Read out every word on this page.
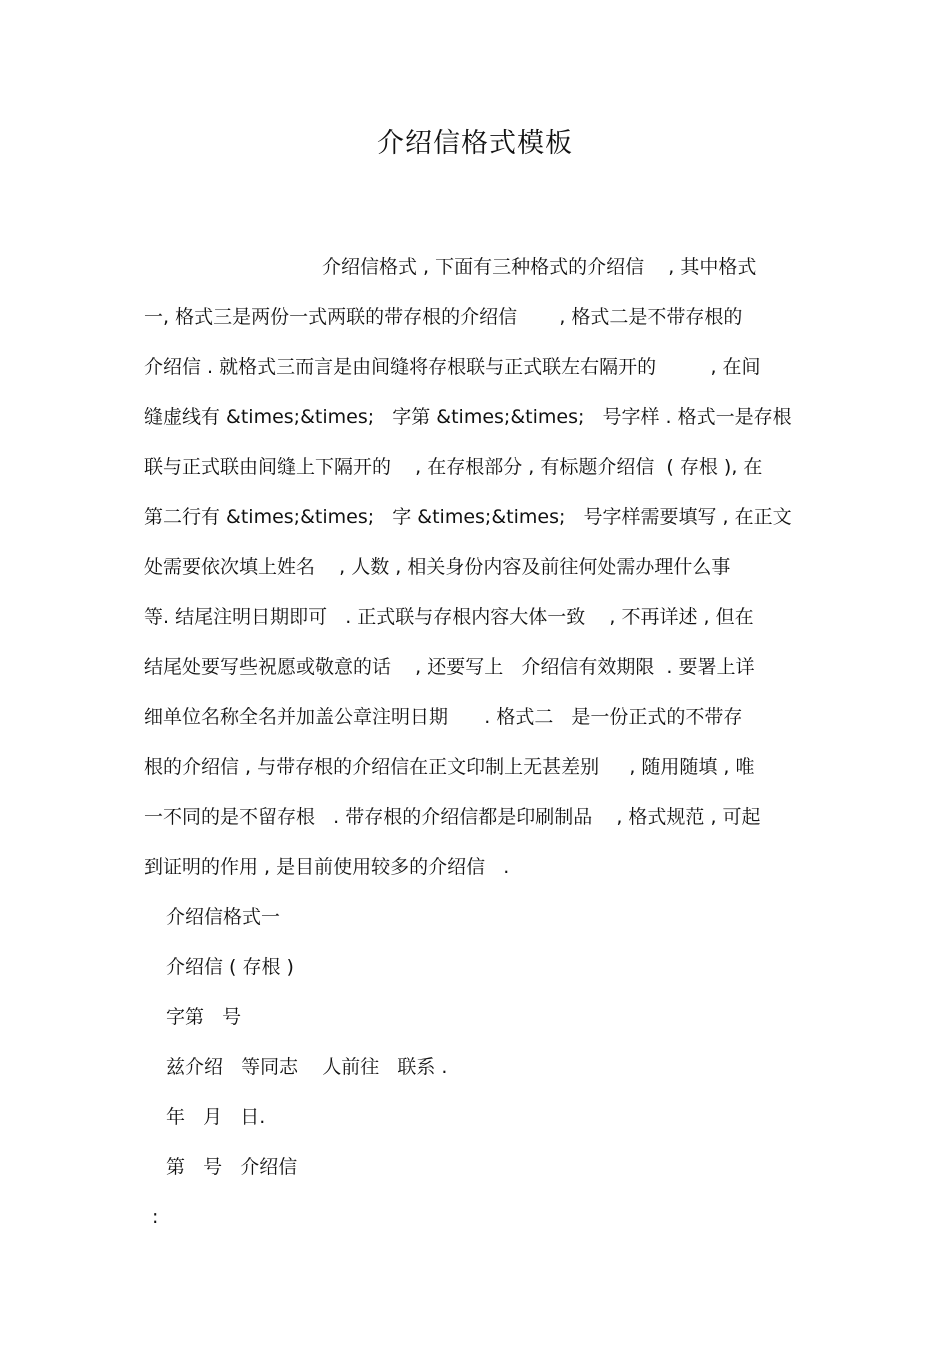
介绍信格式模板
介绍信格式 , 下面有三种格式的介绍信    , 其中格式
一, 格式三是两份一式两联的带存根的介绍信       , 格式二是不带存根的
介绍信 . 就格式三而言是由间缝将存根联与正式联左右隔开的         , 在间
缝虚线有 &times;&times;   字第 &times;&times;   号字样 . 格式一是存根
联与正式联由间缝上下隔开的    , 在存根部分 , 有标题介绍信  ( 存根 ), 在
第二行有 &times;&times;   字 &times;&times;   号字样需要填写 , 在正文
处需要依次填上姓名    , 人数 , 相关身份内容及前往何处需办理什么事
等. 结尾注明日期即可   . 正式联与存根内容大体一致    , 不再详述 , 但在
结尾处要写些祝愿或敬意的话    , 还要写上   介绍信有效期限  . 要署上详
细单位名称全名并加盖公章注明日期      . 格式二   是一份正式的不带存
根的介绍信 , 与带存根的介绍信在正文印制上无甚差别     , 随用随填 , 唯
一不同的是不留存根   . 带存根的介绍信都是印刷制品    , 格式规范 , 可起
到证明的作用 , 是目前使用较多的介绍信   .
介绍信格式一
介绍信 ( 存根 )
字第   号
兹介绍   等同志    人前往   联系 .
年   月   日.
第   号   介绍信
:
